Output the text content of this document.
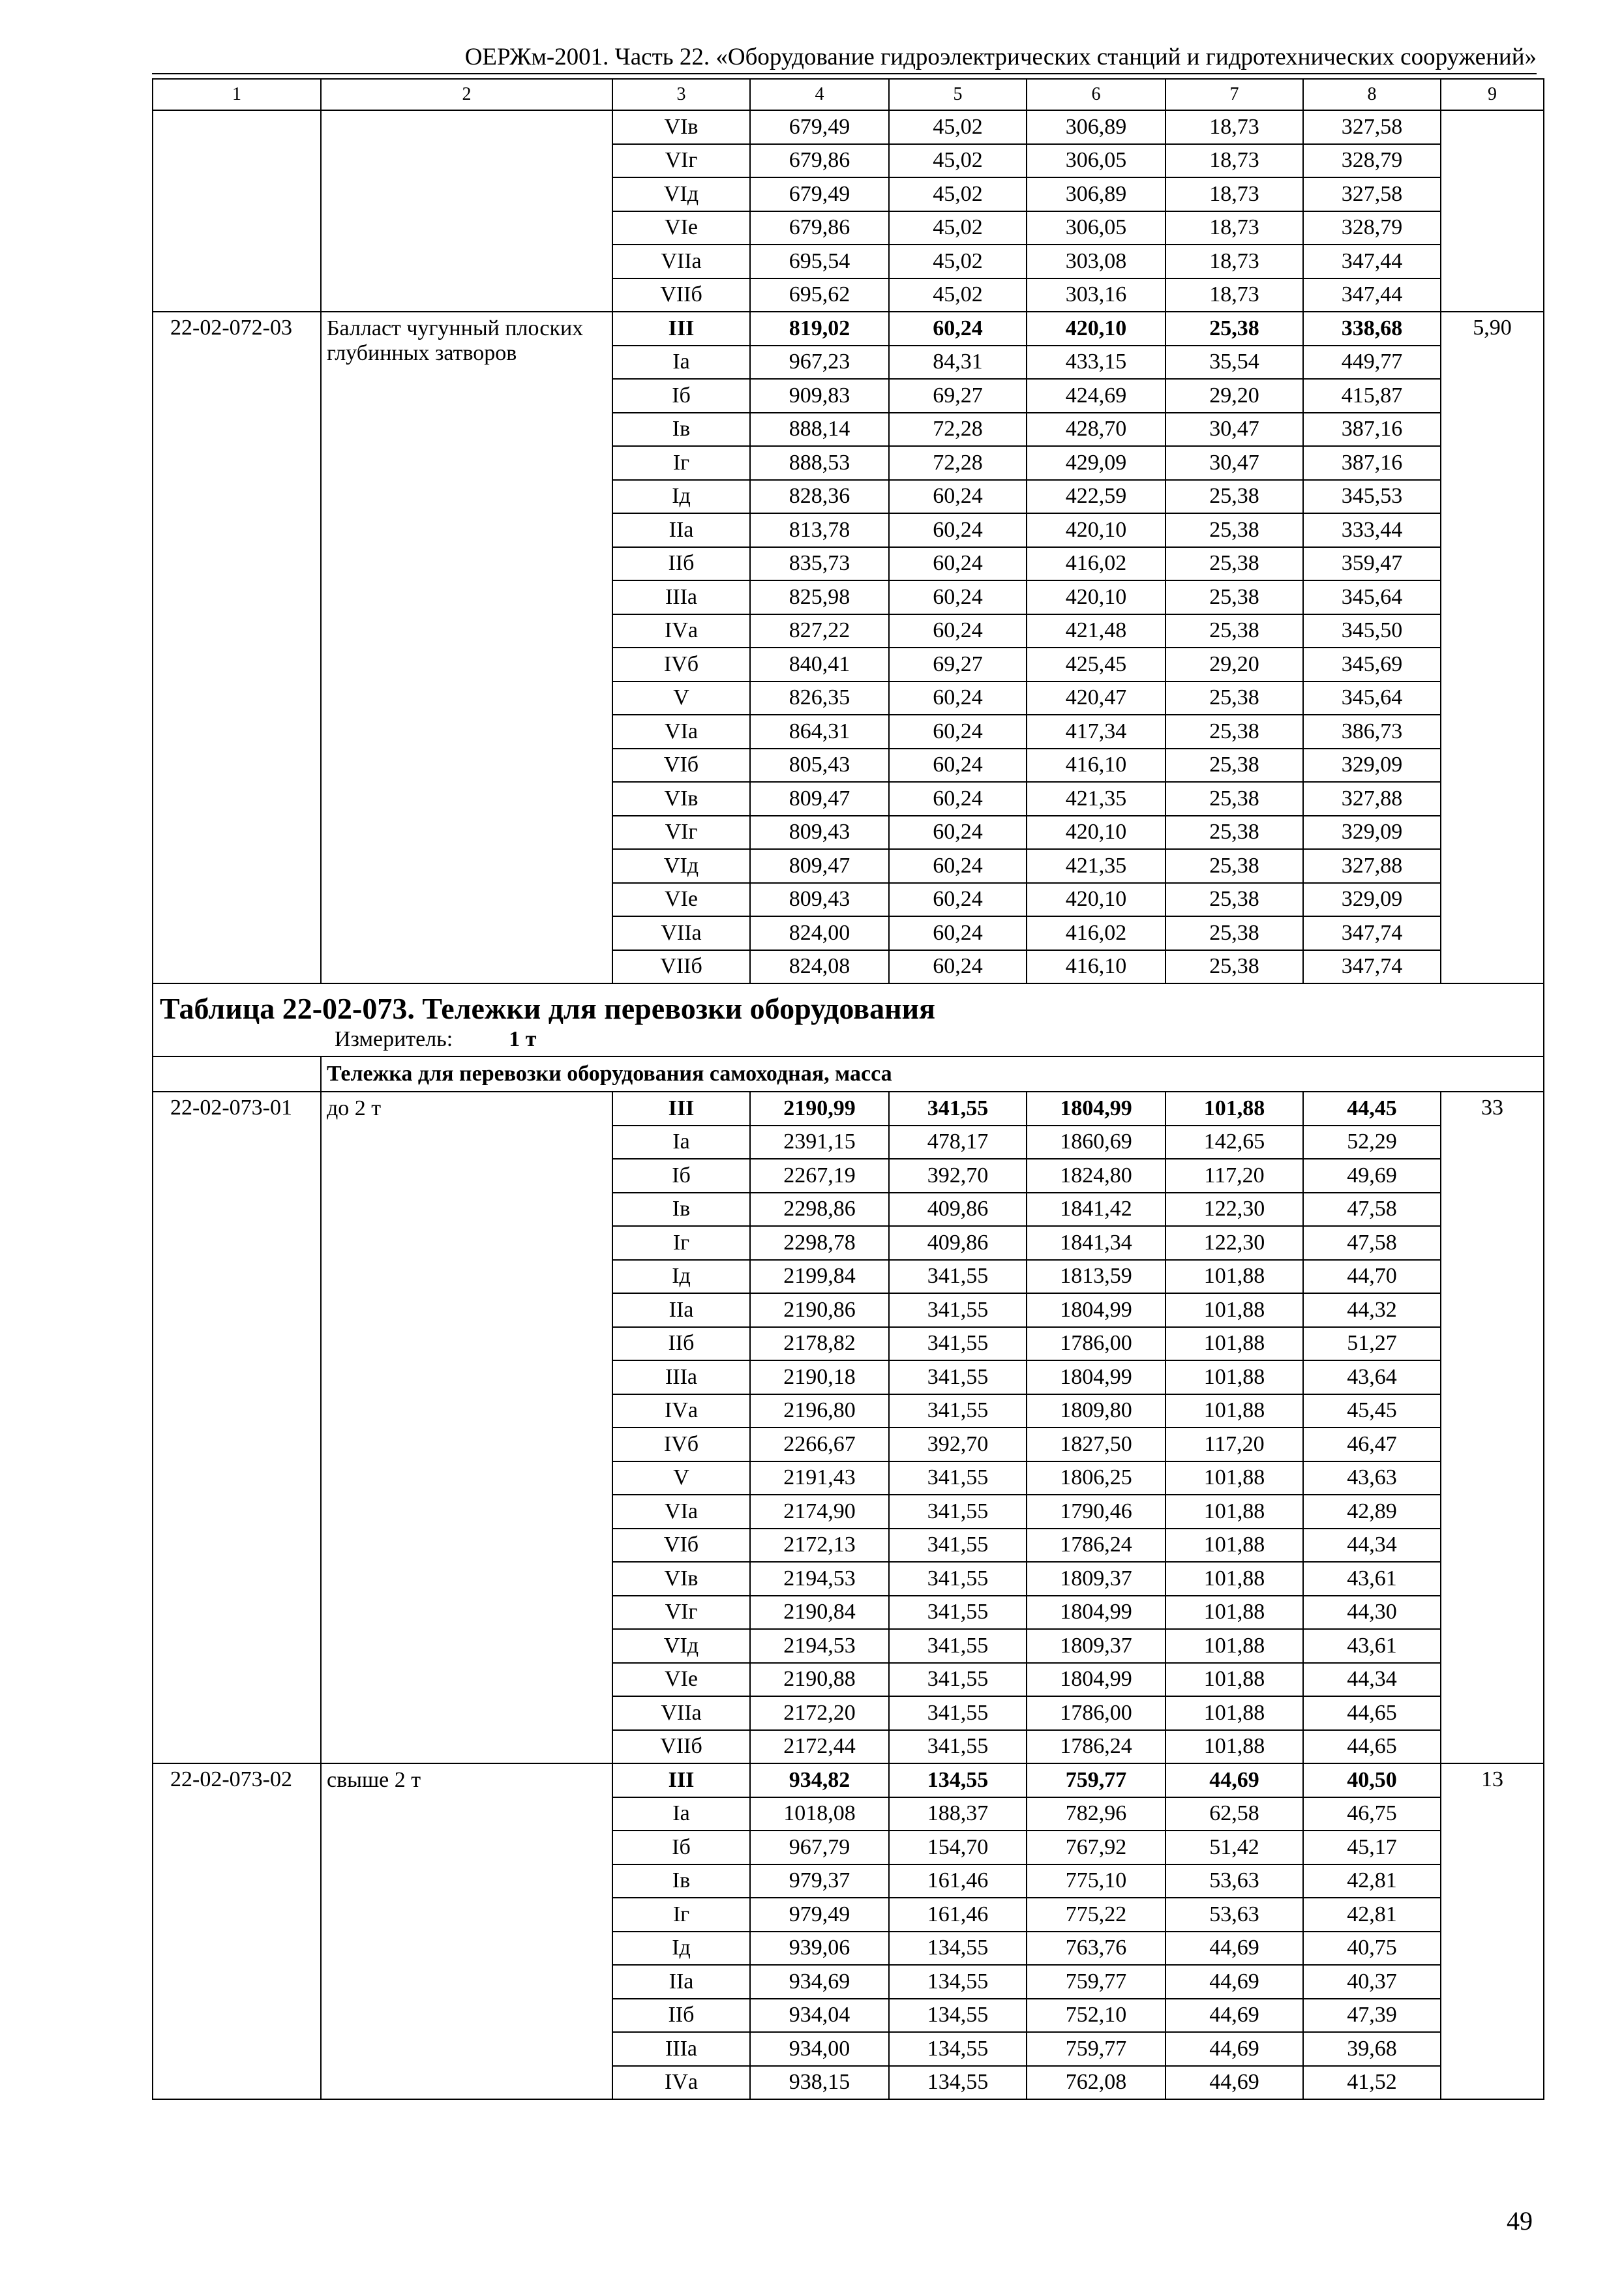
ОЕРЖм-2001. Часть 22. «Оборудование гидроэлектрических станций и гидротехнических сооружений»
1	2	3	4	5	6	7	8	9
		VIв	679,49	45,02	306,89	18,73	327,58	
		VIг	679,86	45,02	306,05	18,73	328,79	
		VIд	679,49	45,02	306,89	18,73	327,58	
		VIе	679,86	45,02	306,05	18,73	328,79	
		VIIа	695,54	45,02	303,08	18,73	347,44	
		VIIб	695,62	45,02	303,16	18,73	347,44	
22-02-072-03	Балласт чугунный плоских глубинных затворов	III	819,02	60,24	420,10	25,38	338,68	5,90
		Iа	967,23	84,31	433,15	35,54	449,77	
		Iб	909,83	69,27	424,69	29,20	415,87	
		Iв	888,14	72,28	428,70	30,47	387,16	
		Iг	888,53	72,28	429,09	30,47	387,16	
		Iд	828,36	60,24	422,59	25,38	345,53	
		IIа	813,78	60,24	420,10	25,38	333,44	
		IIб	835,73	60,24	416,02	25,38	359,47	
		IIIа	825,98	60,24	420,10	25,38	345,64	
		IVа	827,22	60,24	421,48	25,38	345,50	
		IVб	840,41	69,27	425,45	29,20	345,69	
		V	826,35	60,24	420,47	25,38	345,64	
		VIа	864,31	60,24	417,34	25,38	386,73	
		VIб	805,43	60,24	416,10	25,38	329,09	
		VIв	809,47	60,24	421,35	25,38	327,88	
		VIг	809,43	60,24	420,10	25,38	329,09	
		VIд	809,47	60,24	421,35	25,38	327,88	
		VIе	809,43	60,24	420,10	25,38	329,09	
		VIIа	824,00	60,24	416,02	25,38	347,74	
		VIIб	824,08	60,24	416,10	25,38	347,74	

Таблица 22-02-073. Тележки для перевозки оборудования
Измеритель: 1 т								

	Тележка для перевозки оборудования самоходная, масса							
22-02-073-01	до 2 т	III	2190,99	341,55	1804,99	101,88	44,45	33
		Iа	2391,15	478,17	1860,69	142,65	52,29	
		Iб	2267,19	392,70	1824,80	117,20	49,69	
		Iв	2298,86	409,86	1841,42	122,30	47,58	
		Iг	2298,78	409,86	1841,34	122,30	47,58	
		Iд	2199,84	341,55	1813,59	101,88	44,70	
		IIа	2190,86	341,55	1804,99	101,88	44,32	
		IIб	2178,82	341,55	1786,00	101,88	51,27	
		IIIа	2190,18	341,55	1804,99	101,88	43,64	
		IVа	2196,80	341,55	1809,80	101,88	45,45	
		IVб	2266,67	392,70	1827,50	117,20	46,47	
		V	2191,43	341,55	1806,25	101,88	43,63	
		VIа	2174,90	341,55	1790,46	101,88	42,89	
		VIб	2172,13	341,55	1786,24	101,88	44,34	
		VIв	2194,53	341,55	1809,37	101,88	43,61	
		VIг	2190,84	341,55	1804,99	101,88	44,30	
		VIд	2194,53	341,55	1809,37	101,88	43,61	
		VIе	2190,88	341,55	1804,99	101,88	44,34	
		VIIа	2172,20	341,55	1786,00	101,88	44,65	
		VIIб	2172,44	341,55	1786,24	101,88	44,65	
22-02-073-02	свыше 2 т	III	934,82	134,55	759,77	44,69	40,50	13
		Iа	1018,08	188,37	782,96	62,58	46,75	
		Iб	967,79	154,70	767,92	51,42	45,17	
		Iв	979,37	161,46	775,10	53,63	42,81	
		Iг	979,49	161,46	775,22	53,63	42,81	
		Iд	939,06	134,55	763,76	44,69	40,75	
		IIа	934,69	134,55	759,77	44,69	40,37	
		IIб	934,04	134,55	752,10	44,69	47,39	
		IIIа	934,00	134,55	759,77	44,69	39,68	
		IVа	938,15	134,55	762,08	44,69	41,52	
49
